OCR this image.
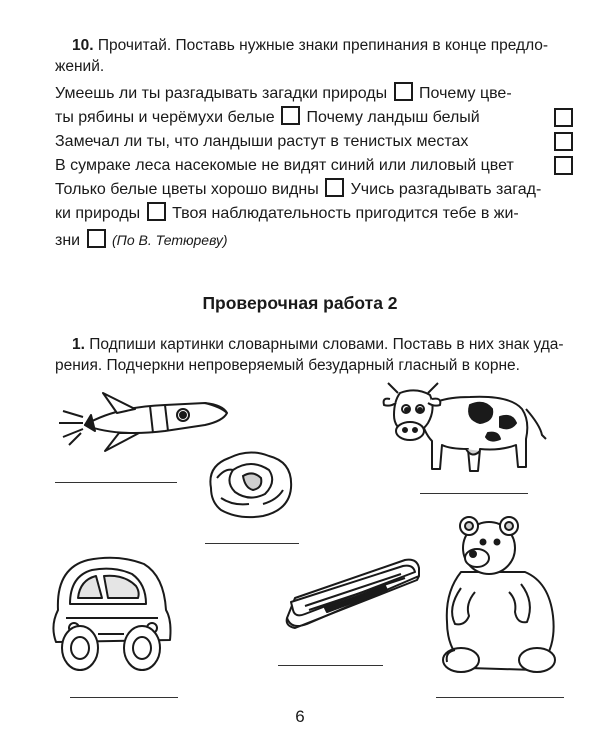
10. Прочитай. Поставь нужные знаки препинания в конце предло-
жений.
Умеешь ли ты разгадывать загадки природы Почему цве-
ты рябины и черёмухи белые Почему ландыш белый
Замечал ли ты, что ландыши растут в тенистых местах
В сумраке леса насекомые не видят синий или лиловый цвет
Только белые цветы хорошо видны Учись разгадывать загад-
ки природы Твоя наблюдательность пригодится тебе в жи-
зни (По В. Тетюреву)
Проверочная работа 2
1. Подпиши картинки словарными словами. Поставь в них знак уда-
рения. Подчеркни непроверяемый безударный гласный в корне.
6
